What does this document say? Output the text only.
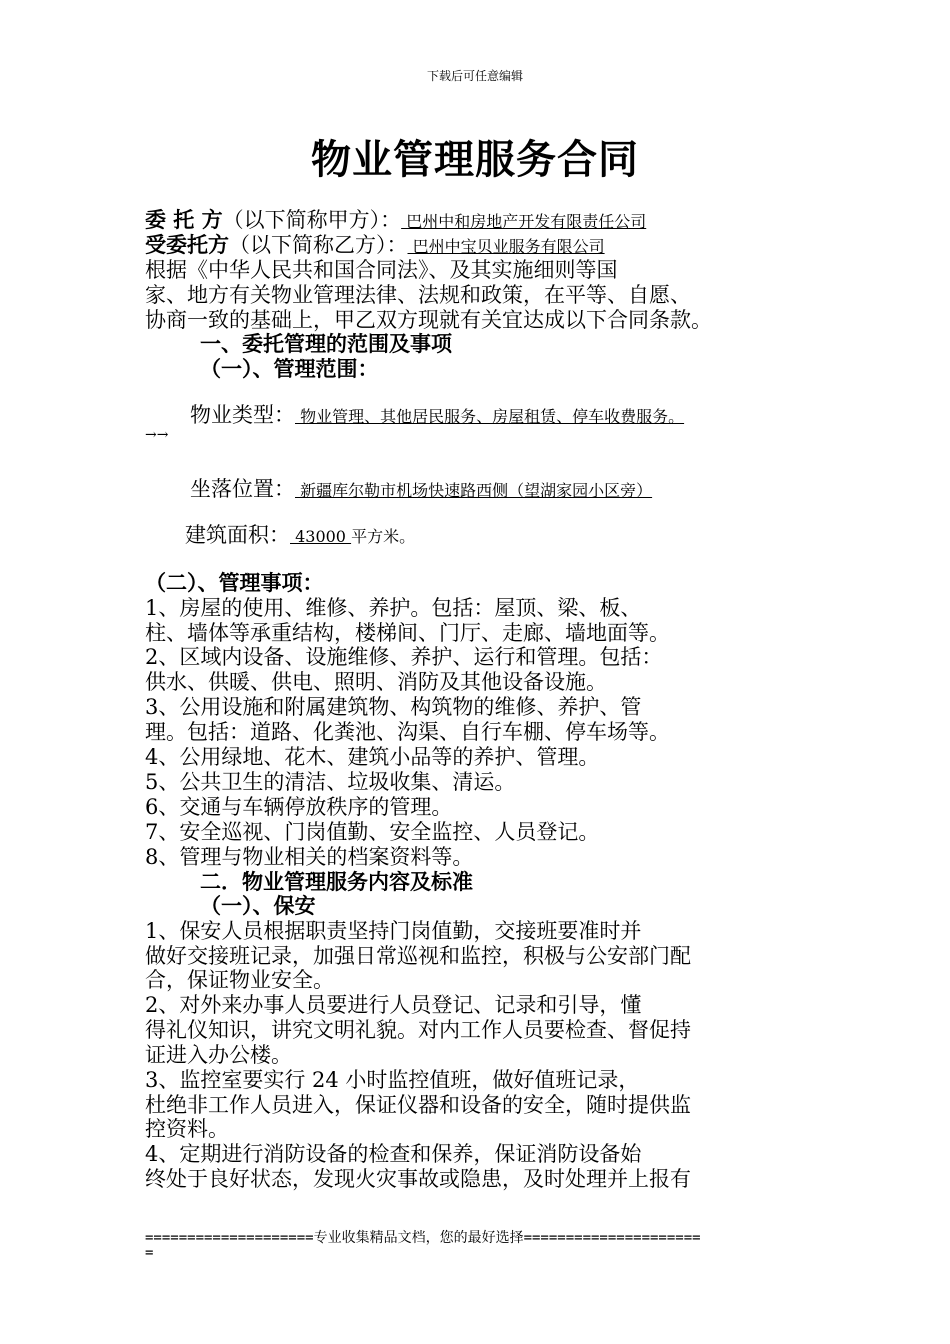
下载后可任意编辑
物业管理服务合同
委 托 方（以下简称甲方）： 巴州中和房地产开发有限责任公司
受委托方（以下简称乙方）： 巴州中宝贝业服务有限公司
根据《中华人民共和国合同法》、及其实施细则等国
家、地方有关物业管理法律、法规和政策，在平等、自愿、
协商一致的基础上，甲乙双方现就有关宜达成以下合同条款。
一、委托管理的范围及事项
（一）、管理范围：
物业类型： 物业管理、其他居民服务、房屋租赁、停车收费服务。
→→
坐落位置： 新疆库尔勒市机场快速路西侧（望湖家园小区旁）
建筑面积： 43000 平方米。
（二）、管理事项：
1、房屋的使用、维修、养护。包括：屋顶、梁、板、
柱、墙体等承重结构，楼梯间、门厅、走廊、墙地面等。
2、区域内设备、设施维修、养护、运行和管理。包括：
供水、供暖、供电、照明、消防及其他设备设施。
3、公用设施和附属建筑物、构筑物的维修、养护、管
理。包括：道路、化粪池、沟渠、自行车棚、停车场等。
4、公用绿地、花木、建筑小品等的养护、管理。
5、公共卫生的清洁、垃圾收集、清运。
6、交通与车辆停放秩序的管理。
7、安全巡视、门岗值勤、安全监控、人员登记。
8、管理与物业相关的档案资料等。
二．物业管理服务内容及标准
（一）、保安
1、保安人员根据职责坚持门岗值勤，交接班要准时并
做好交接班记录，加强日常巡视和监控，积极与公安部门配
合，保证物业安全。
2、对外来办事人员要进行人员登记、记录和引导，懂
得礼仪知识，讲究文明礼貌。对内工作人员要检查、督促持
证进入办公楼。
3、监控室要实行 24 小时监控值班，做好值班记录，
杜绝非工作人员进入，保证仪器和设备的安全，随时提供监
控资料。
4、定期进行消防设备的检查和保养，保证消防设备始
终处于良好状态，发现火灾事故或隐患，及时处理并上报有
====================专业收集精品文档，您的最好选择=====================
=
